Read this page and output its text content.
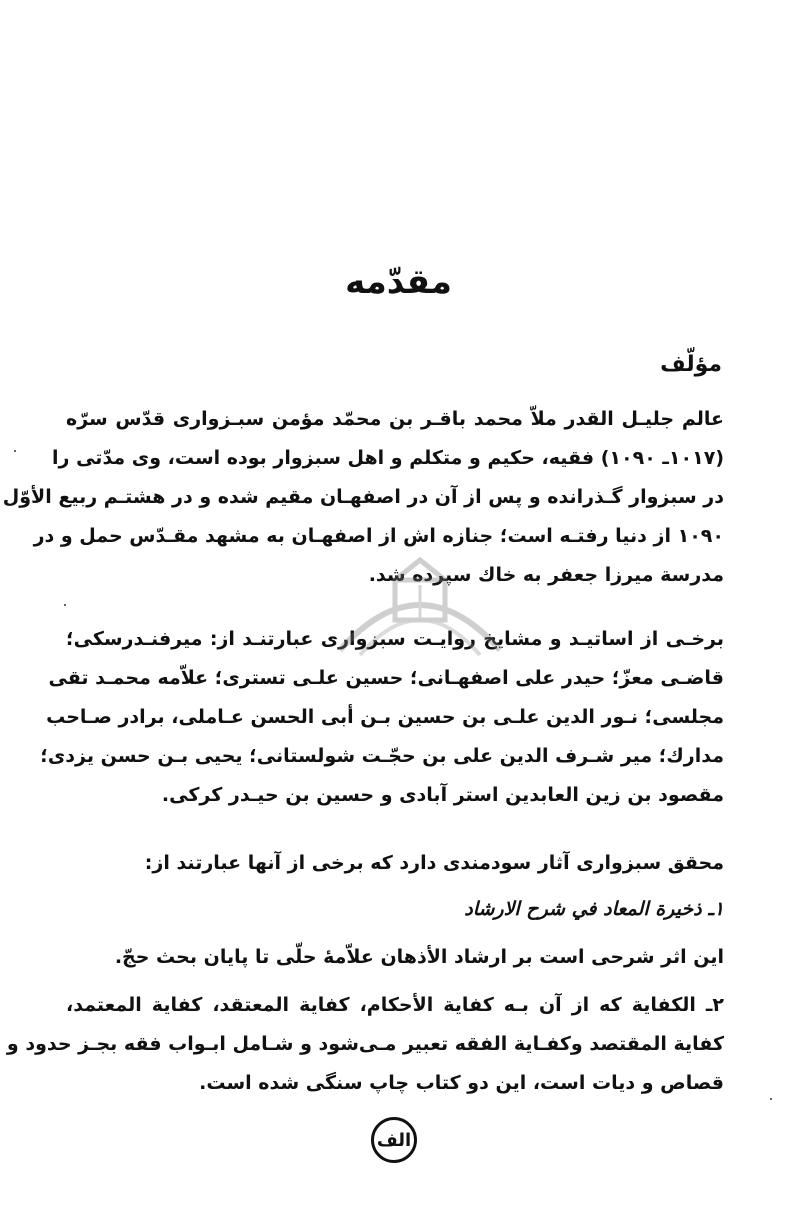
مقدّمه
مؤلّف
عالم جلیـل القدر ملاّ محمد باقـر بن محمّد مؤمن سبـزواری قدّس سرّه
(۱۰۱۷ـ ۱۰۹۰) فقیه، حکیم و متکلم و اهل سبزوار بوده است، وی مدّتی را
در سبزوار گـذرانده و پس از آن در اصفهـان مقیم شده و در هشتـم ربیع الأوّل
۱۰۹۰ از دنیا رفتـه است؛ جنازه اش از اصفهـان به مشهد مقـدّس حمل و در
مدرسة میرزا جعفر به خاك سپرده شد.
برخـی از اساتیـد و مشایخ روایـت سبزواری عبارتنـد از: میرفنـدرسکی؛
قاضـی معزّ؛ حیدر علی اصفهـانی؛ حسین علـی تستری؛ علاّمه محمـد تقی
مجلسی؛ نـور الدین علـی بن حسین بـن أبی الحسن عـاملی، برادر صـاحب
مدارك؛ میر شـرف الدین علی بن حجّـت شولستانی؛ یحیی بـن حسن یزدی؛
مقصود بن زین العابدین استر آبادی و حسین بن حیـدر کرکی.
محقق سبزواری آثار سودمندی دارد که برخی از آنها عبارتند از:
۱ـ ذخیرة المعاد في شرح الارشاد
این اثر شرحی است بر ارشاد الأذهان علاّمهٔ حلّی تا پایان بحث حجّ.
۲ـ الکفایة که از آن بـه کفایة الأحکام، کفایة المعتقد، کفایة المعتمد،
کفایة المقتصد وکفـایة الفقه تعبیر مـی‌شود و شـامل ابـواب فقه بجـز حدود و
قصاص و دیات است، این دو کتاب چاپ سنگی شده است.
الف
